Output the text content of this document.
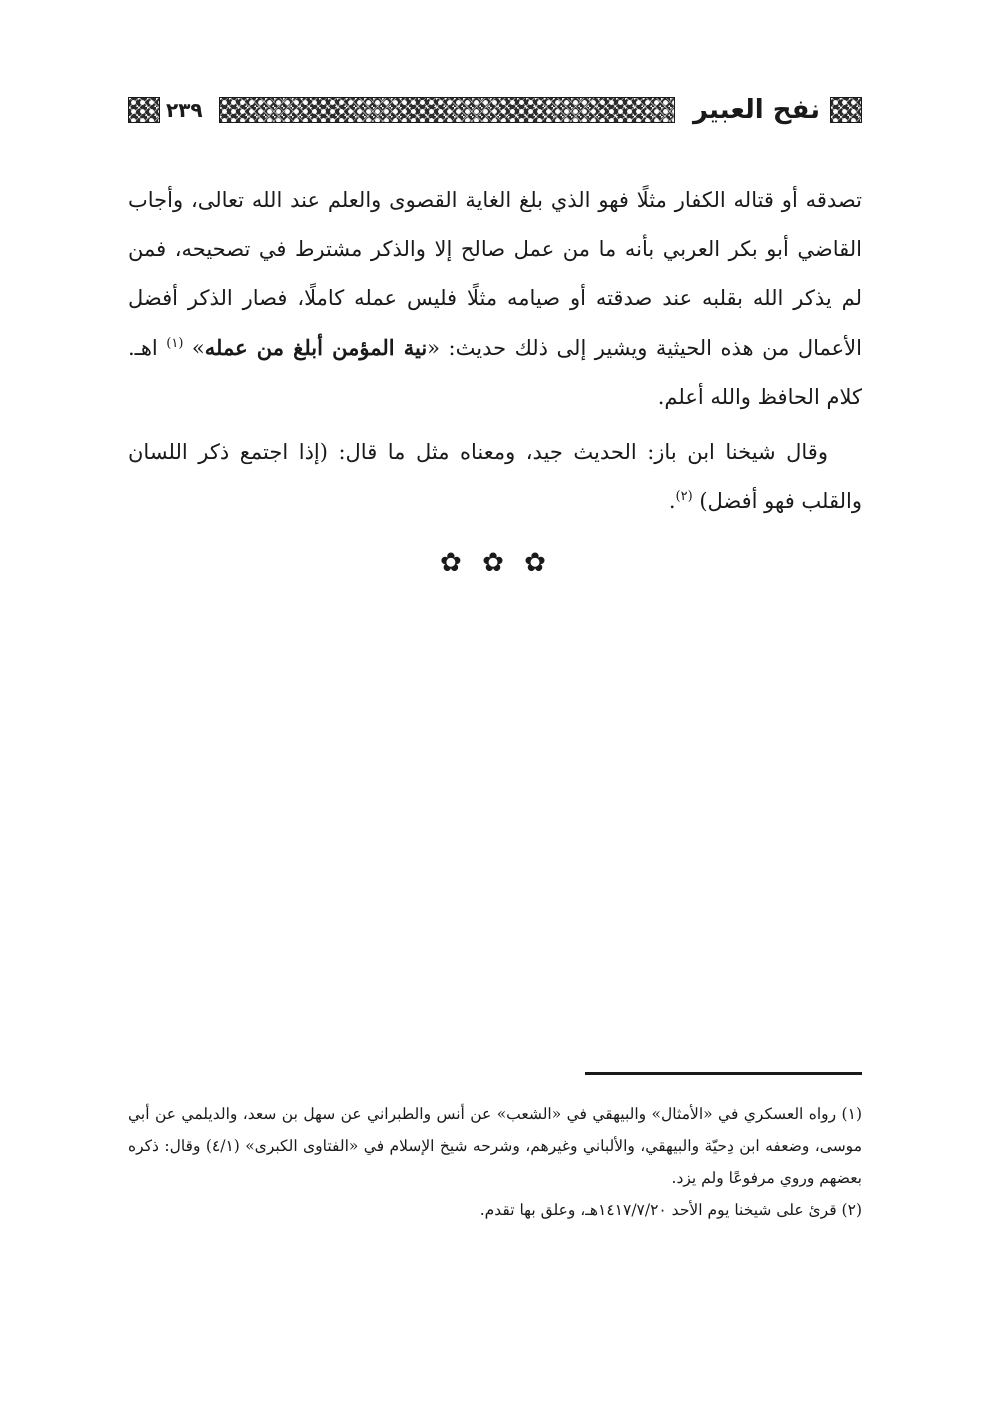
نفح العبير
٢٣٩

تصدقه أو قتاله الكفار مثلًا فهو الذي بلغ الغاية القصوى والعلم عند الله تعالى، وأجاب القاضي أبو بكر العربي بأنه ما من عمل صالح إلا والذكر مشترط في تصحيحه، فمن لم يذكر الله بقلبه عند صدقته أو صيامه مثلًا فليس عمله كاملًا، فصار الذكر أفضل الأعمال من هذه الحيثية ويشير إلى ذلك حديث: «نية المؤمن أبلغ من عمله» $^{(١)}$ اهـ. كلام الحافظ والله أعلم.

وقال شيخنا ابن باز: الحديث جيد، ومعناه مثل ما قال: (إذا اجتمع ذكر اللسان والقلب فهو أفضل) $^{(٢)}$.

✿ ✿ ✿

(١) رواه العسكري في «الأمثال» والبيهقي في «الشعب» عن أنس والطبراني عن سهل بن سعد، والديلمي عن أبي موسى، وضعفه ابن دِحيّة والبيهقي، والألباني وغيرهم، وشرحه شيخ الإسلام في «الفتاوى الكبرى» (٤/١) وقال: ذكره بعضهم وروي مرفوعًا ولم يزد.

(٢) قرئ على شيخنا يوم الأحد ١٤١٧/٧/٢٠هـ، وعلق بها تقدم.
